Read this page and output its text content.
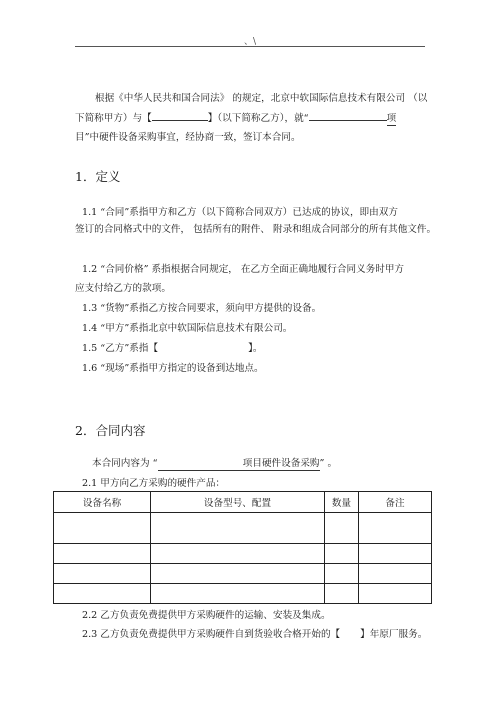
、\
根据《中华人民共和国合同法》 的规定，北京中软国际信息技术有限公司 （以
下简称甲方）与【	】（以下简称乙方），就“	项
目”中硬件设备采购事宜，经协商一致，签订本合同。
1．定义
1.1 “合同”系指甲方和乙方（以下简称合同双方）已达成的协议，即由双方
签订的合同格式中的文件， 包括所有的附件、 附录和组成合同部分的所有其他文件。
1.2 “合同价格” 系指根据合同规定， 在乙方全面正确地履行合同义务时甲方
应支付给乙方的款项。
1.3 “货物”系指乙方按合同要求，须向甲方提供的设备。
1.4 “甲方”系指北京中软国际信息技术有限公司。
1.5 “乙方”系指【	】。
1.6 “现场”系指甲方指定的设备到达地点。
2．合同内容
本合同内容为 “	项目硬件设备采购” 。
2.1 甲方向乙方采购的硬件产品：
设备名称	设备型号、配置	数量	备注

2.2 乙方负责免费提供甲方采购硬件的运输、安装及集成。
2.3 乙方负责免费提供甲方采购硬件自到货验收合格开始的【 】年原厂服务。
